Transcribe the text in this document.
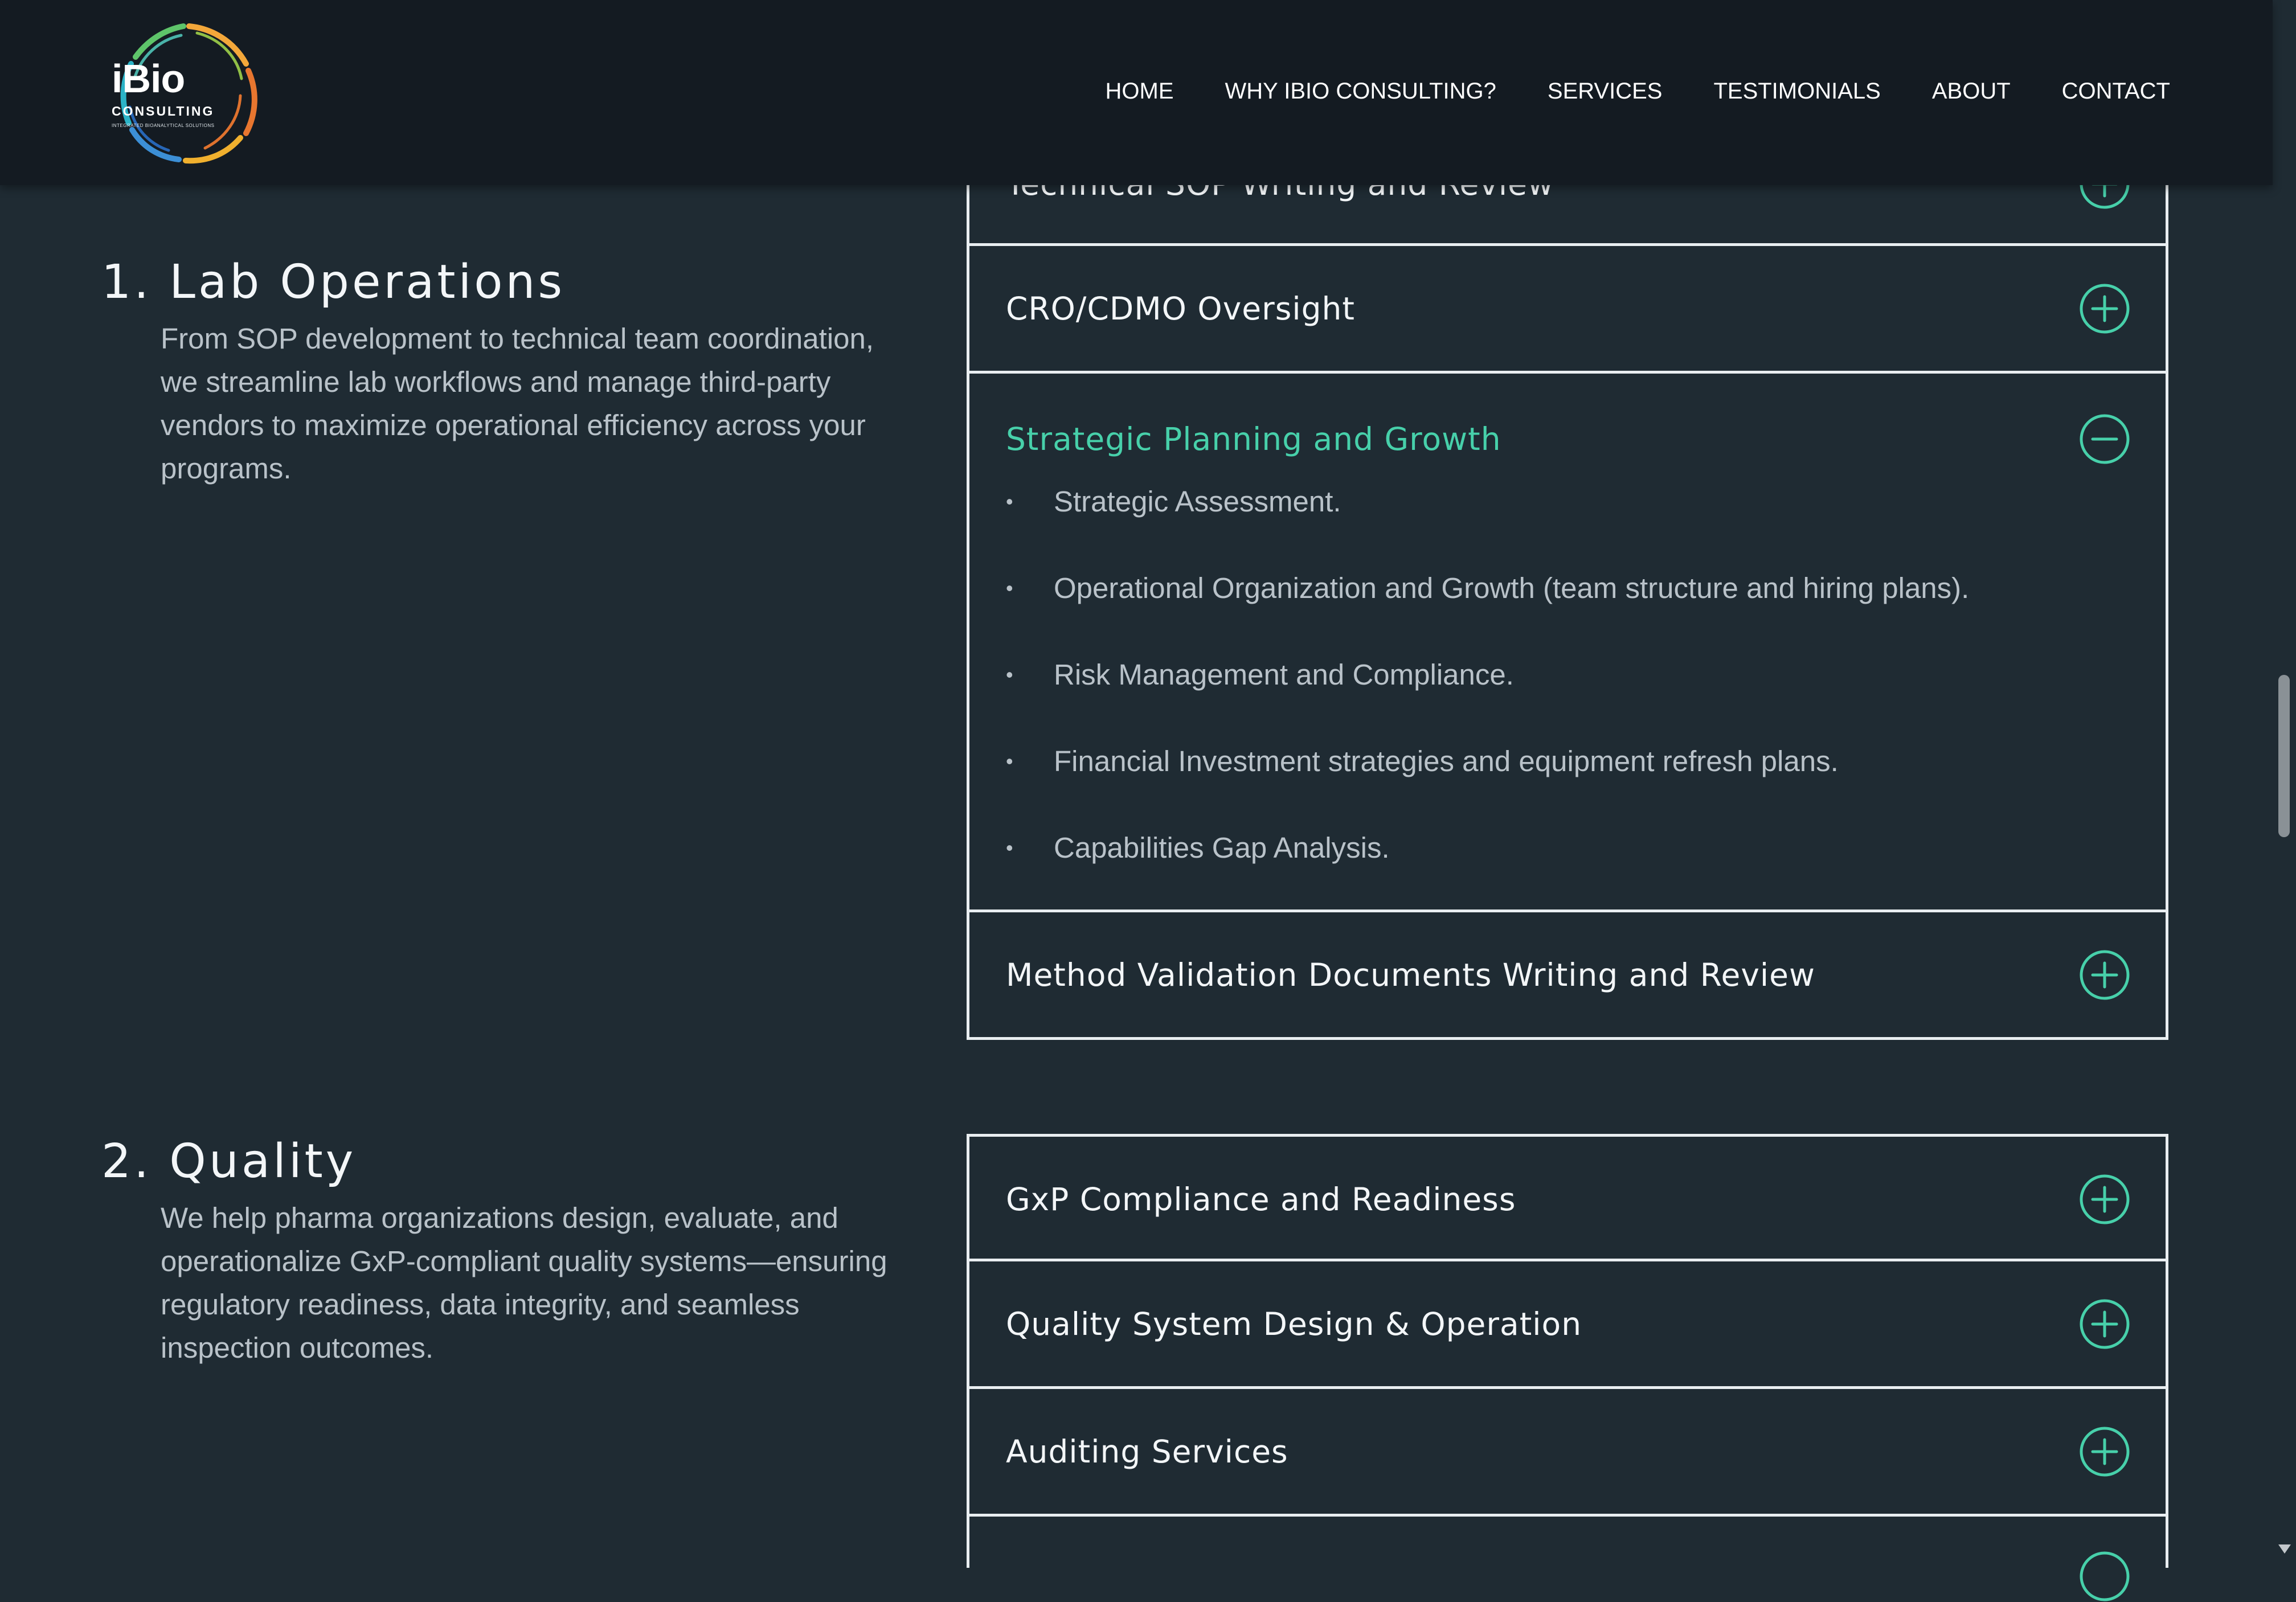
1. Lab Operations

From SOP development to technical team coordination, we streamline lab workflows and manage third-party vendors to maximize operational efficiency across your programs.

CRO/CDMO Oversight
Strategic Planning and Growth
• Strategic Assessment.
• Operational Organization and Growth (team structure and hiring plans).
• Risk Management and Compliance.
• Financial Investment strategies and equipment refresh plans.
• Capabilities Gap Analysis.
Method Validation Documents Writing and Review
2. Quality

We help pharma organizations design, evaluate, and operationalize GxP-compliant quality systems—ensuring regulatory readiness, data integrity, and seamless inspection outcomes.

GxP Compliance and Readiness
Quality System Design & Operation
Auditing Services
iBio
CONSULTING
INTEGRATED BIOANALYTICAL SOLUTIONS
HOME WHY IBIO CONSULTING? SERVICES TESTIMONIALS ABOUT CONTACT
